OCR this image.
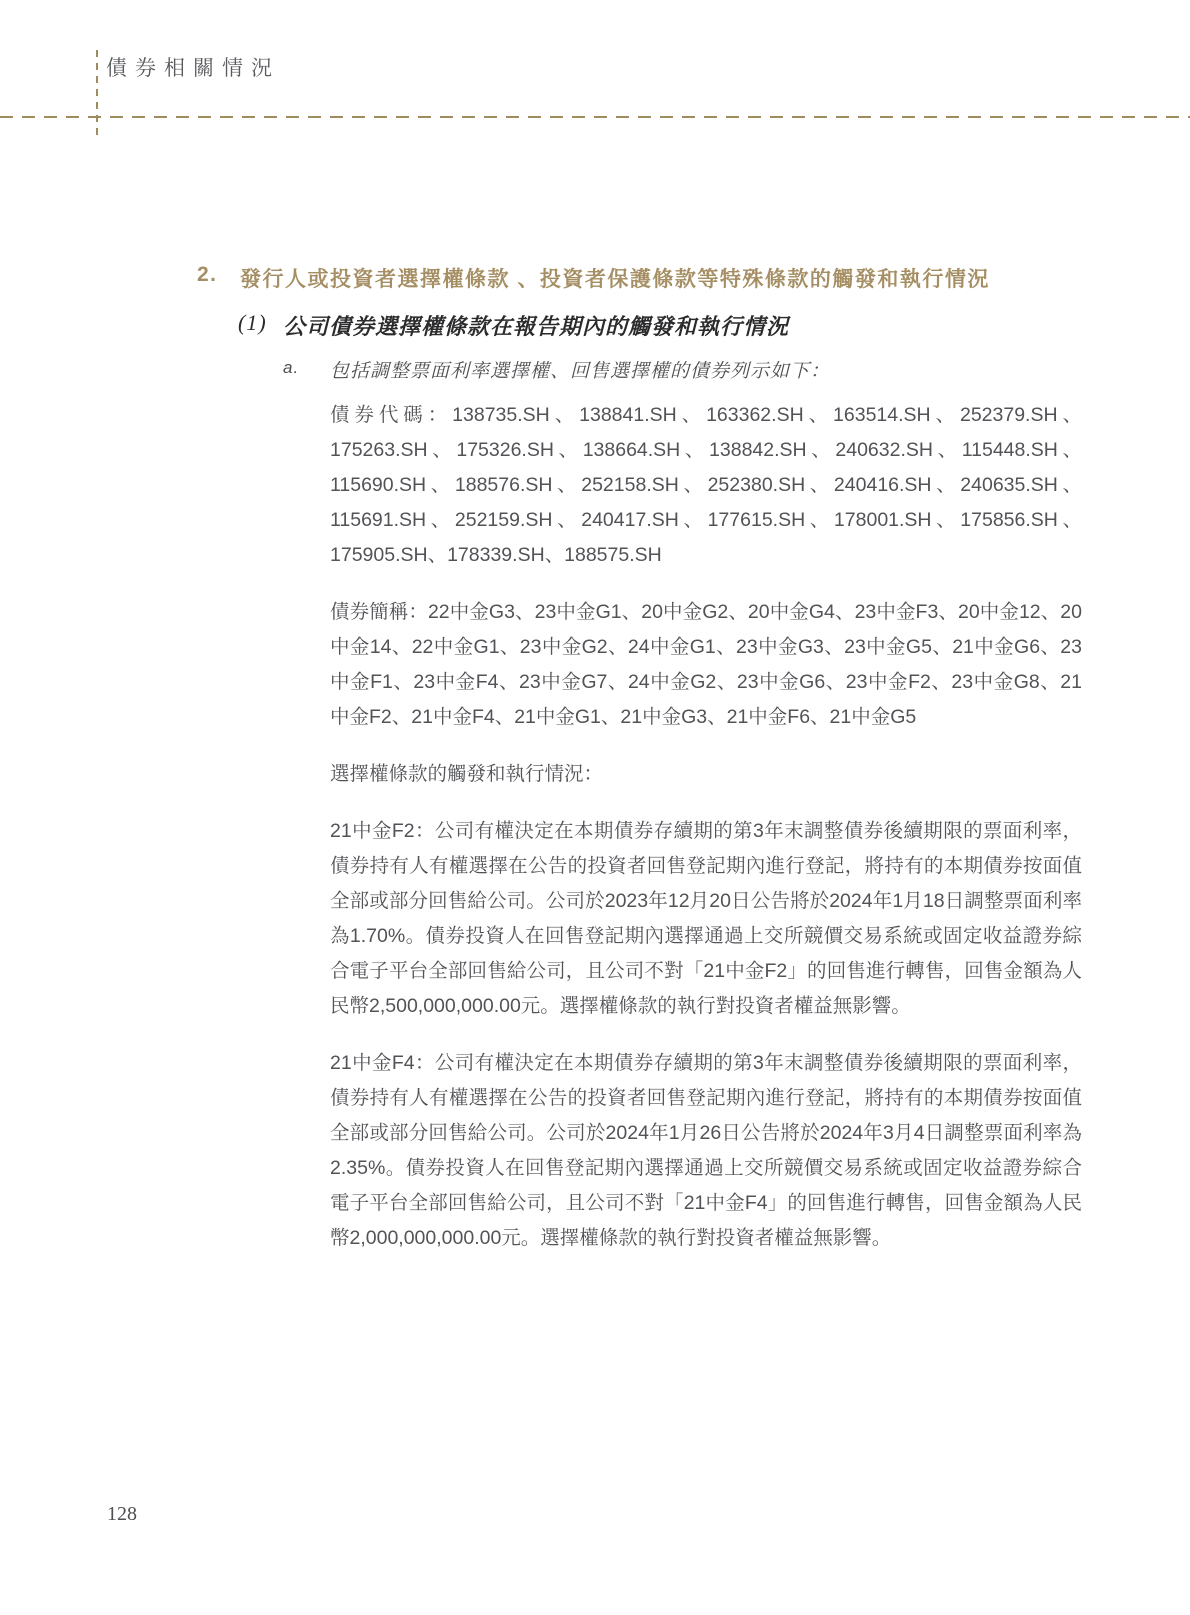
債券相關情況
2. 發行人或投資者選擇權條款 、投資者保護條款等特殊條款的觸發和執行情況
(1) 公司債券選擇權條款在報告期內的觸發和執行情況
a. 包括調整票面利率選擇權、回售選擇權的債券列示如下：

債券代碼：138735.SH、138841.SH、163362.SH、163514.SH、252379.SH、175263.SH、175326.SH、138664.SH、138842.SH、240632.SH、115448.SH、115690.SH、188576.SH、252158.SH、252380.SH、240416.SH、240635.SH、115691.SH、252159.SH、240417.SH、177615.SH、178001.SH、175856.SH、175905.SH、178339.SH、188575.SH

債券簡稱：22中金G3、23中金G1、20中金G2、20中金G4、23中金F3、20中金12、20中金14、22中金G1、23中金G2、24中金G1、23中金G3、23中金G5、21中金G6、23中金F1、23中金F4、23中金G7、24中金G2、23中金G6、23中金F2、23中金G8、21中金F2、21中金F4、21中金G1、21中金G3、21中金F6、21中金G5

選擇權條款的觸發和執行情況：

21中金F2：公司有權決定在本期債券存續期的第3年末調整債券後續期限的票面利率，債券持有人有權選擇在公告的投資者回售登記期內進行登記，將持有的本期債券按面值全部或部分回售給公司。公司於2023年12月20日公告將於2024年1月18日調整票面利率為1.70%。債券投資人在回售登記期內選擇通過上交所競價交易系統或固定收益證券綜合電子平台全部回售給公司，且公司不對「21中金F2」的回售進行轉售，回售金額為人民幣2,500,000,000.00元。選擇權條款的執行對投資者權益無影響。

21中金F4：公司有權決定在本期債券存續期的第3年末調整債券後續期限的票面利率，債券持有人有權選擇在公告的投資者回售登記期內進行登記，將持有的本期債券按面值全部或部分回售給公司。公司於2024年1月26日公告將於2024年3月4日調整票面利率為2.35%。債券投資人在回售登記期內選擇通過上交所競價交易系統或固定收益證券綜合電子平台全部回售給公司，且公司不對「21中金F4」的回售進行轉售，回售金額為人民幣2,000,000,000.00元。選擇權條款的執行對投資者權益無影響。

128
